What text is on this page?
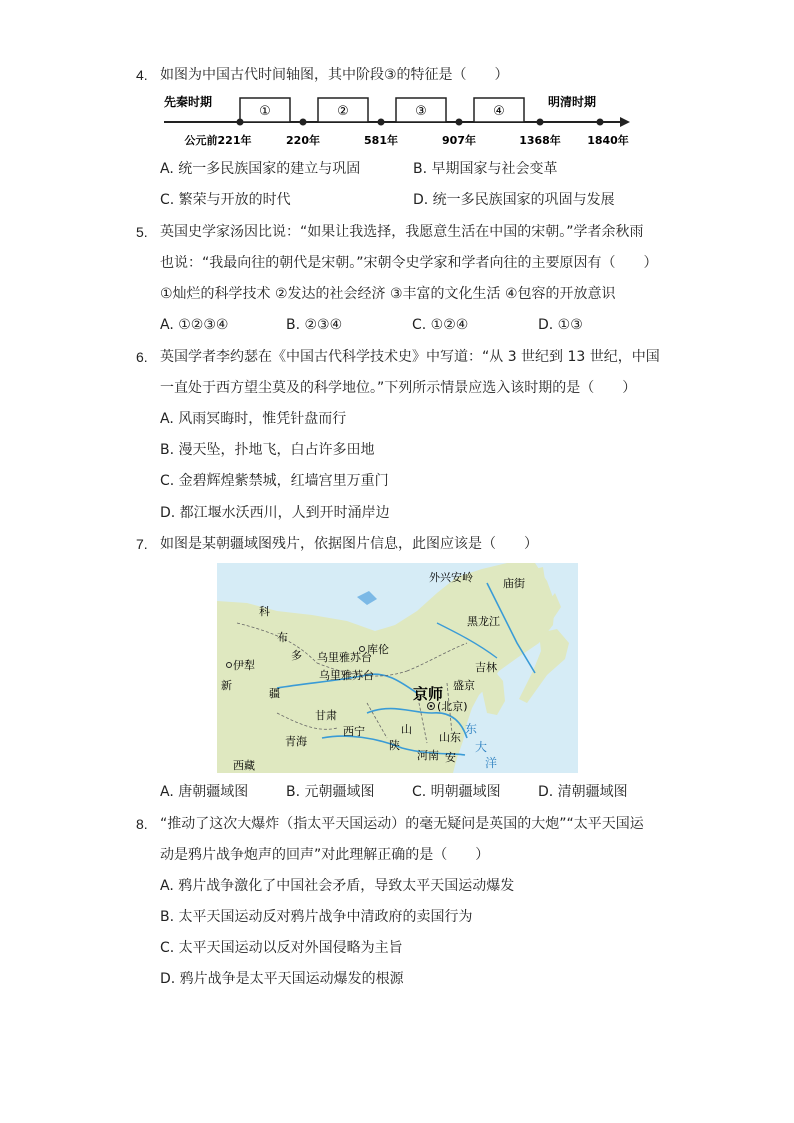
4. 如图为中国古代时间轴图，其中阶段③的特征是（　　）
先秦时期	明清时期
①	②	③	④
公元前221年	220年	581年	907年	1368年 1840年
A. 统一多民族国家的建立与巩固	B. 早期国家与社会变革
C. 繁荣与开放的时代	D. 统一多民族国家的巩固与发展
5. 英国史学家汤因比说：“如果让我选择，我愿意生活在中国的宋朝。”学者余秋雨
也说：“我最向往的朝代是宋朝。”宋朝令史学家和学者向往的主要原因有（　　）
①灿烂的科学技术 ②发达的社会经济 ③丰富的文化生活 ④包容的开放意识
A. ①②③④	B. ②③④	C. ①②④	D. ①③
6. 英国学者李约瑟在《中国古代科学技术史》中写道：“从 3 世纪到 13 世纪，中国
一直处于西方望尘莫及的科学地位。”下列所示情景应选入该时期的是（　　）
A. 风雨冥晦时，惟凭针盘而行
B. 漫天坠，扑地飞，白占许多田地
C. 金碧辉煌紫禁城，红墙宫里万重门
D. 都江堰水沃西川，人到开时涌岸边
7. 如图是某朝疆域图残片，依据图片信息，此图应该是（　　）
外兴安岭	庙街
科
布
多 乌里雅苏台
库伦
乌里雅苏台
黑龙江
吉林
盛京
伊犁
新
疆	京师
(北京)
甘肃
青海
西宁	山
陕
河南
山东
安
西藏
东
大
洋
A. 唐朝疆域图	B. 元朝疆域图	C. 明朝疆域图	D. 清朝疆域图
8. “推动了这次大爆炸（指太平天国运动）的毫无疑问是英国的大炮”“太平天国运
动是鸦片战争炮声的回声”对此理解正确的是（　　）
A. 鸦片战争激化了中国社会矛盾，导致太平天国运动爆发
B. 太平天国运动反对鸦片战争中清政府的卖国行为
C. 太平天国运动以反对外国侵略为主旨
D. 鸦片战争是太平天国运动爆发的根源
